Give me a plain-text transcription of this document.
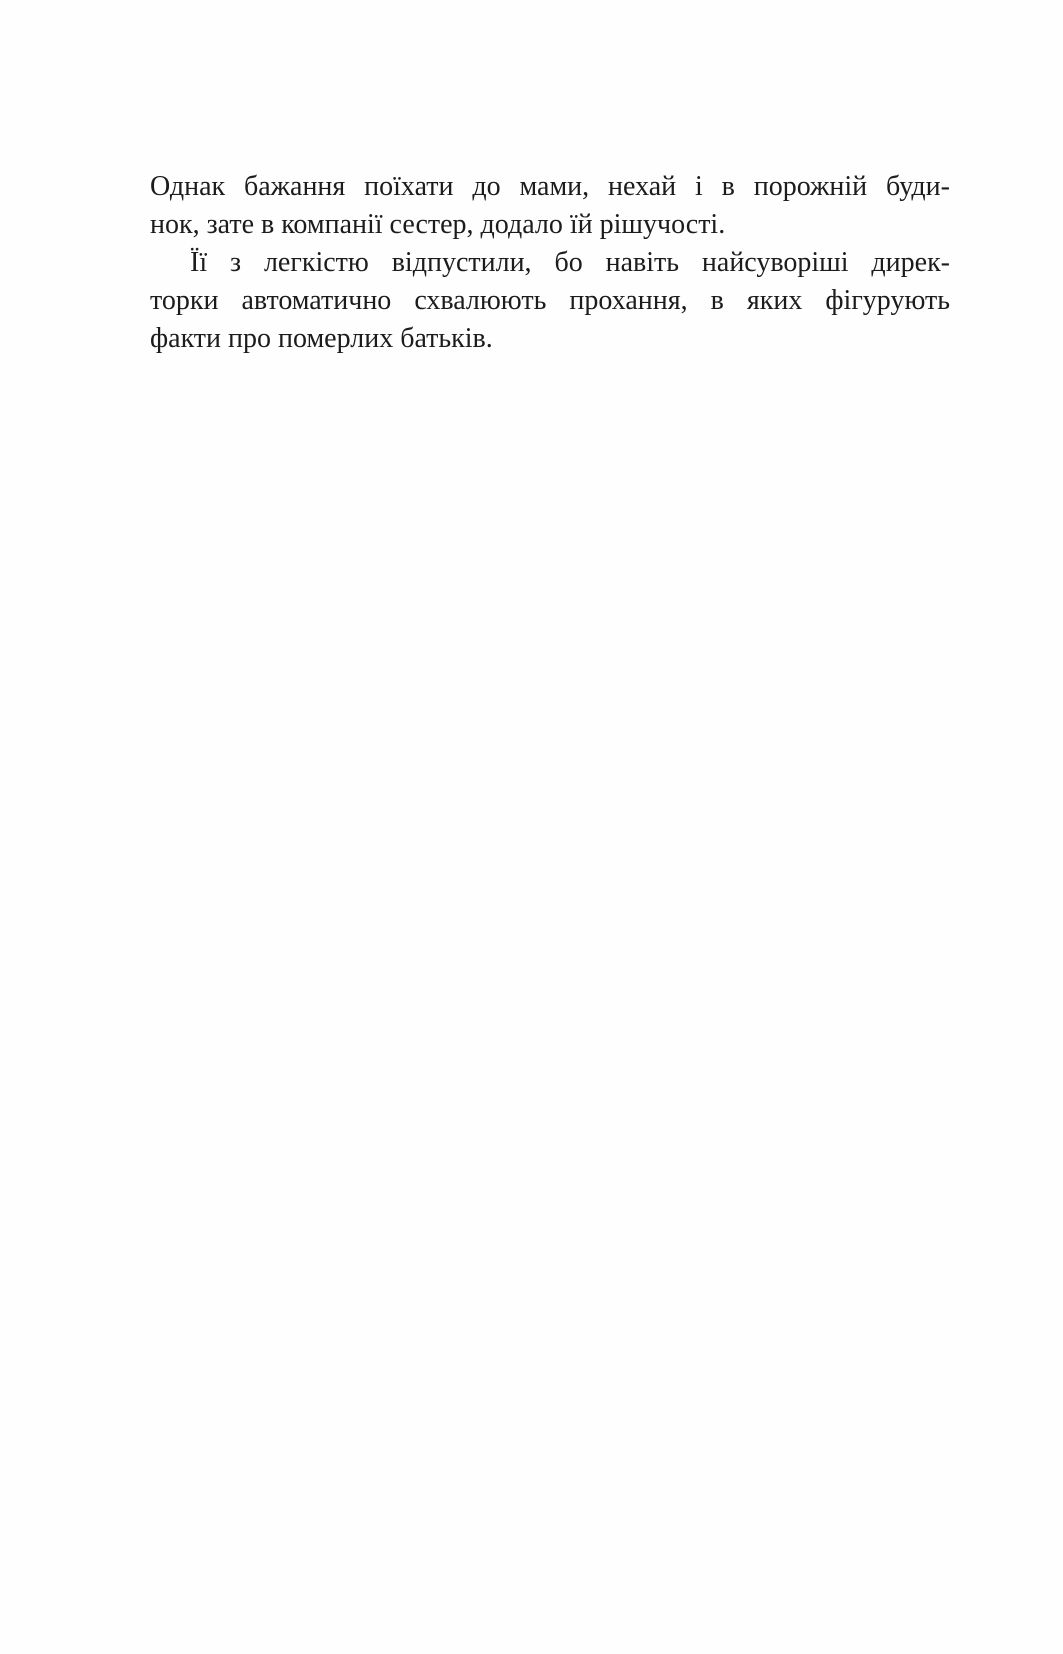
Однак бажання поїхати до мами, нехай і в порожній буди-
нок, зате в компанії сестер, додало їй рішучості.
Її з легкістю відпустили, бо навіть найсуворіші дирек-
торки автоматично схвалюють прохання, в яких фігурують
факти про померлих батьків.
